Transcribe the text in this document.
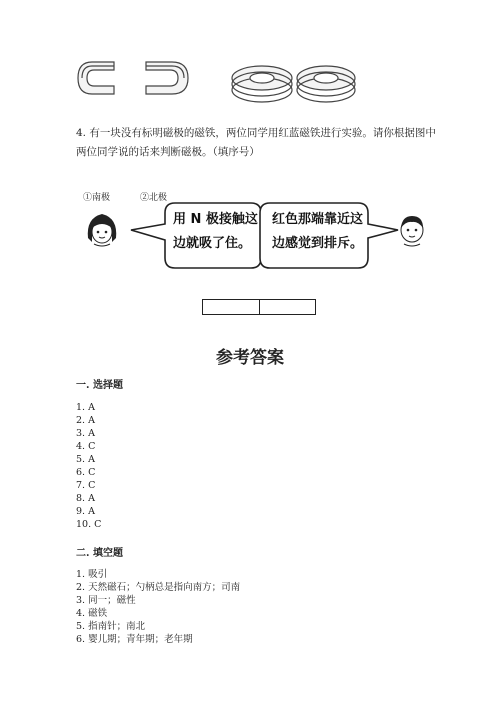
4. 有一块没有标明磁极的磁铁，两位同学用红蓝磁铁进行实验。请你根据图中
两位同学说的话来判断磁极。（填序号）
①南极	②北极
用 N 极接触这
边就吸了住。
红色那端靠近这
边感觉到排斥。
参考答案
一. 选择题
1. A
2. A
3. A
4. C
5. A
6. C
7. C
8. A
9. A
10. C
二. 填空题
1. 吸引
2. 天然磁石；勺柄总是指向南方；司南
3. 同一；磁性
4. 磁铁
5. 指南针；南北
6. 婴儿期；青年期；老年期
